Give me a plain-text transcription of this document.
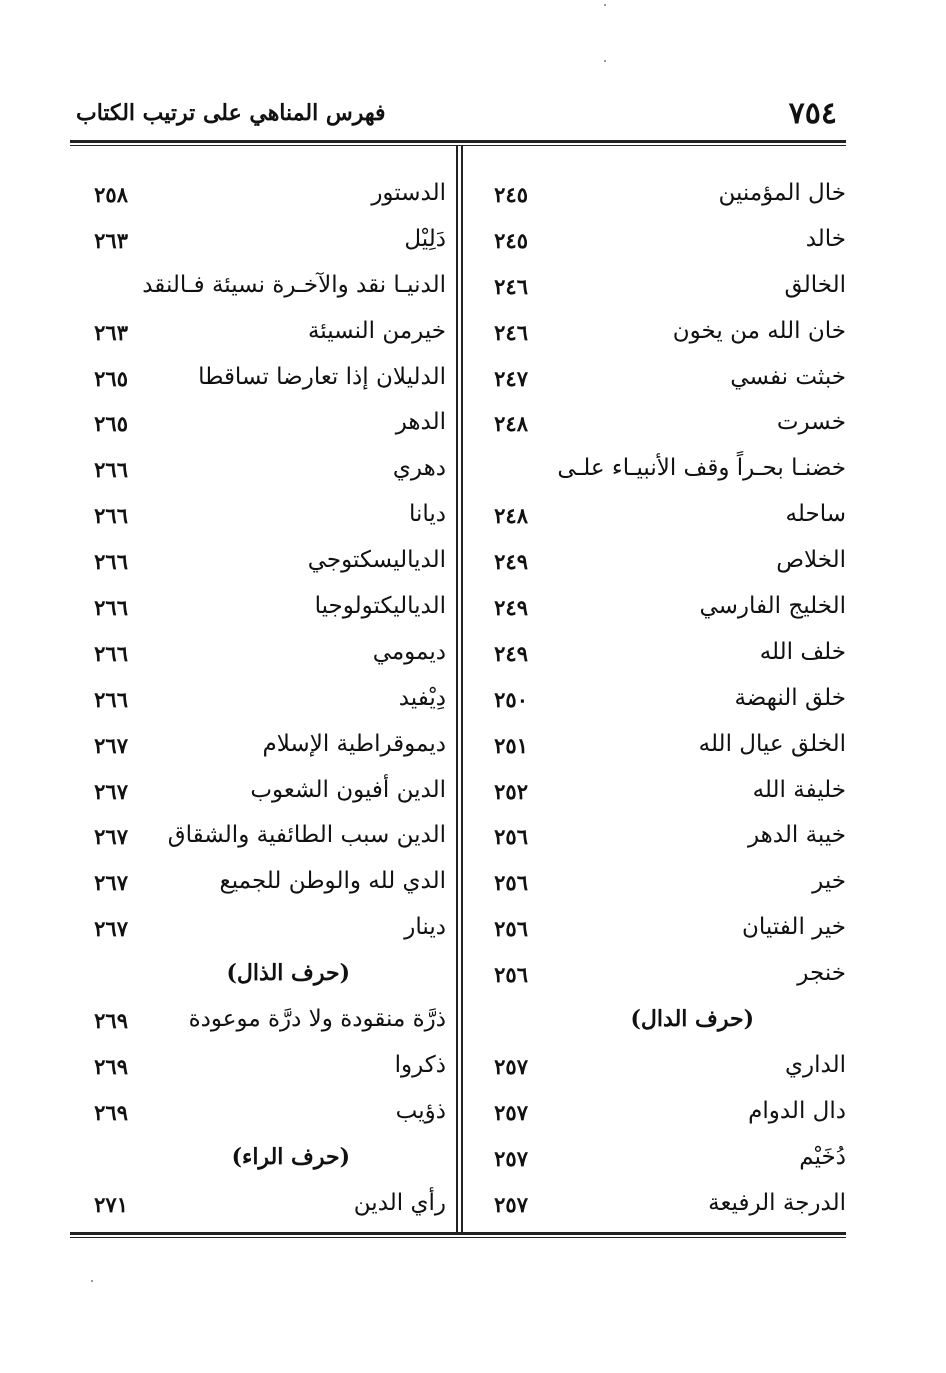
٧٥٤
فهرس المناهي على ترتيب الكتاب
خال المؤمنين
٢٤٥
خالد
٢٤٥
الخالق
٢٤٦
خان الله من يخون
٢٤٦
خبثت نفسي
٢٤٧
خسرت
٢٤٨
خضنـا بحـراً وقف الأنبيـاء علـى
ساحله
٢٤٨
الخلاص
٢٤٩
الخليج الفارسي
٢٤٩
خلف الله
٢٤٩
خلق النهضة
٢٥٠
الخلق عيال الله
٢٥١
خليفة الله
٢٥٢
خيبة الدهر
٢٥٦
خير
٢٥٦
خير الفتيان
٢٥٦
خنجر
٢٥٦
(حرف الدال)
الداري
٢٥٧
دال الدوام
٢٥٧
دُخَيْم
٢٥٧
الدرجة الرفيعة
٢٥٧
الدستور
٢٥٨
دَلِيْل
٢٦٣
الدنيـا نقد والآخـرة نسيئة فـالنقد
خيرمن النسيئة
٢٦٣
الدليلان إذا تعارضا تساقطا
٢٦٥
الدهر
٢٦٥
دهري
٢٦٦
ديانا
٢٦٦
الدياليسكتوجي
٢٦٦
الدياليكتولوجيا
٢٦٦
ديمومي
٢٦٦
دِيْفيد
٢٦٦
ديموقراطية الإسلام
٢٦٧
الدين أفيون الشعوب
٢٦٧
الدين سبب الطائفية والشقاق
٢٦٧
الدي لله والوطن للجميع
٢٦٧
دينار
٢٦٧
(حرف الذال)
ذرَّة منقودة ولا درَّة موعودة
٢٦٩
ذكروا
٢٦٩
ذؤيب
٢٦٩
(حرف الراء)
رأي الدين
٢٧١
